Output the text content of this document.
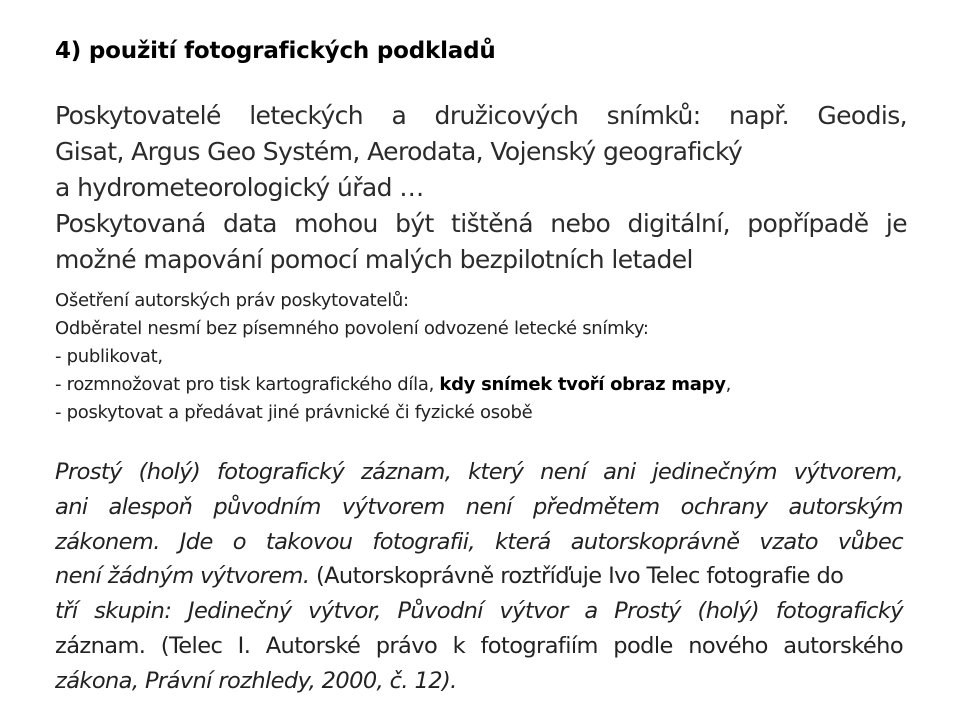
4) použití fotografických podkladů
Poskytovatelé leteckých a družicových snímků: např. Geodis,
Gisat, Argus Geo Systém, Aerodata, Vojenský geografický
a hydrometeorologický úřad …
Poskytovaná data mohou být tištěná nebo digitální, popřípadě je
možné mapování pomocí malých bezpilotních letadel
Ošetření autorských práv poskytovatelů:
Odběratel nesmí bez písemného povolení odvozené letecké snímky:
- publikovat,
- rozmnožovat pro tisk kartografického díla, kdy snímek tvoří obraz mapy,
- poskytovat a předávat jiné právnické či fyzické osobě
Prostý (holý) fotografický záznam, který není ani jedinečným výtvorem,
ani alespoň původním výtvorem není předmětem ochrany autorským
zákonem. Jde o takovou fotografii, která autorskoprávně vzato vůbec
není žádným výtvorem. (Autorskoprávně roztříďuje Ivo Telec fotografie do
tří skupin: Jedinečný výtvor, Původní výtvor a Prostý (holý) fotografický
záznam. (Telec I. Autorské právo k fotografiím podle nového autorského
zákona, Právní rozhledy, 2000, č. 12).
